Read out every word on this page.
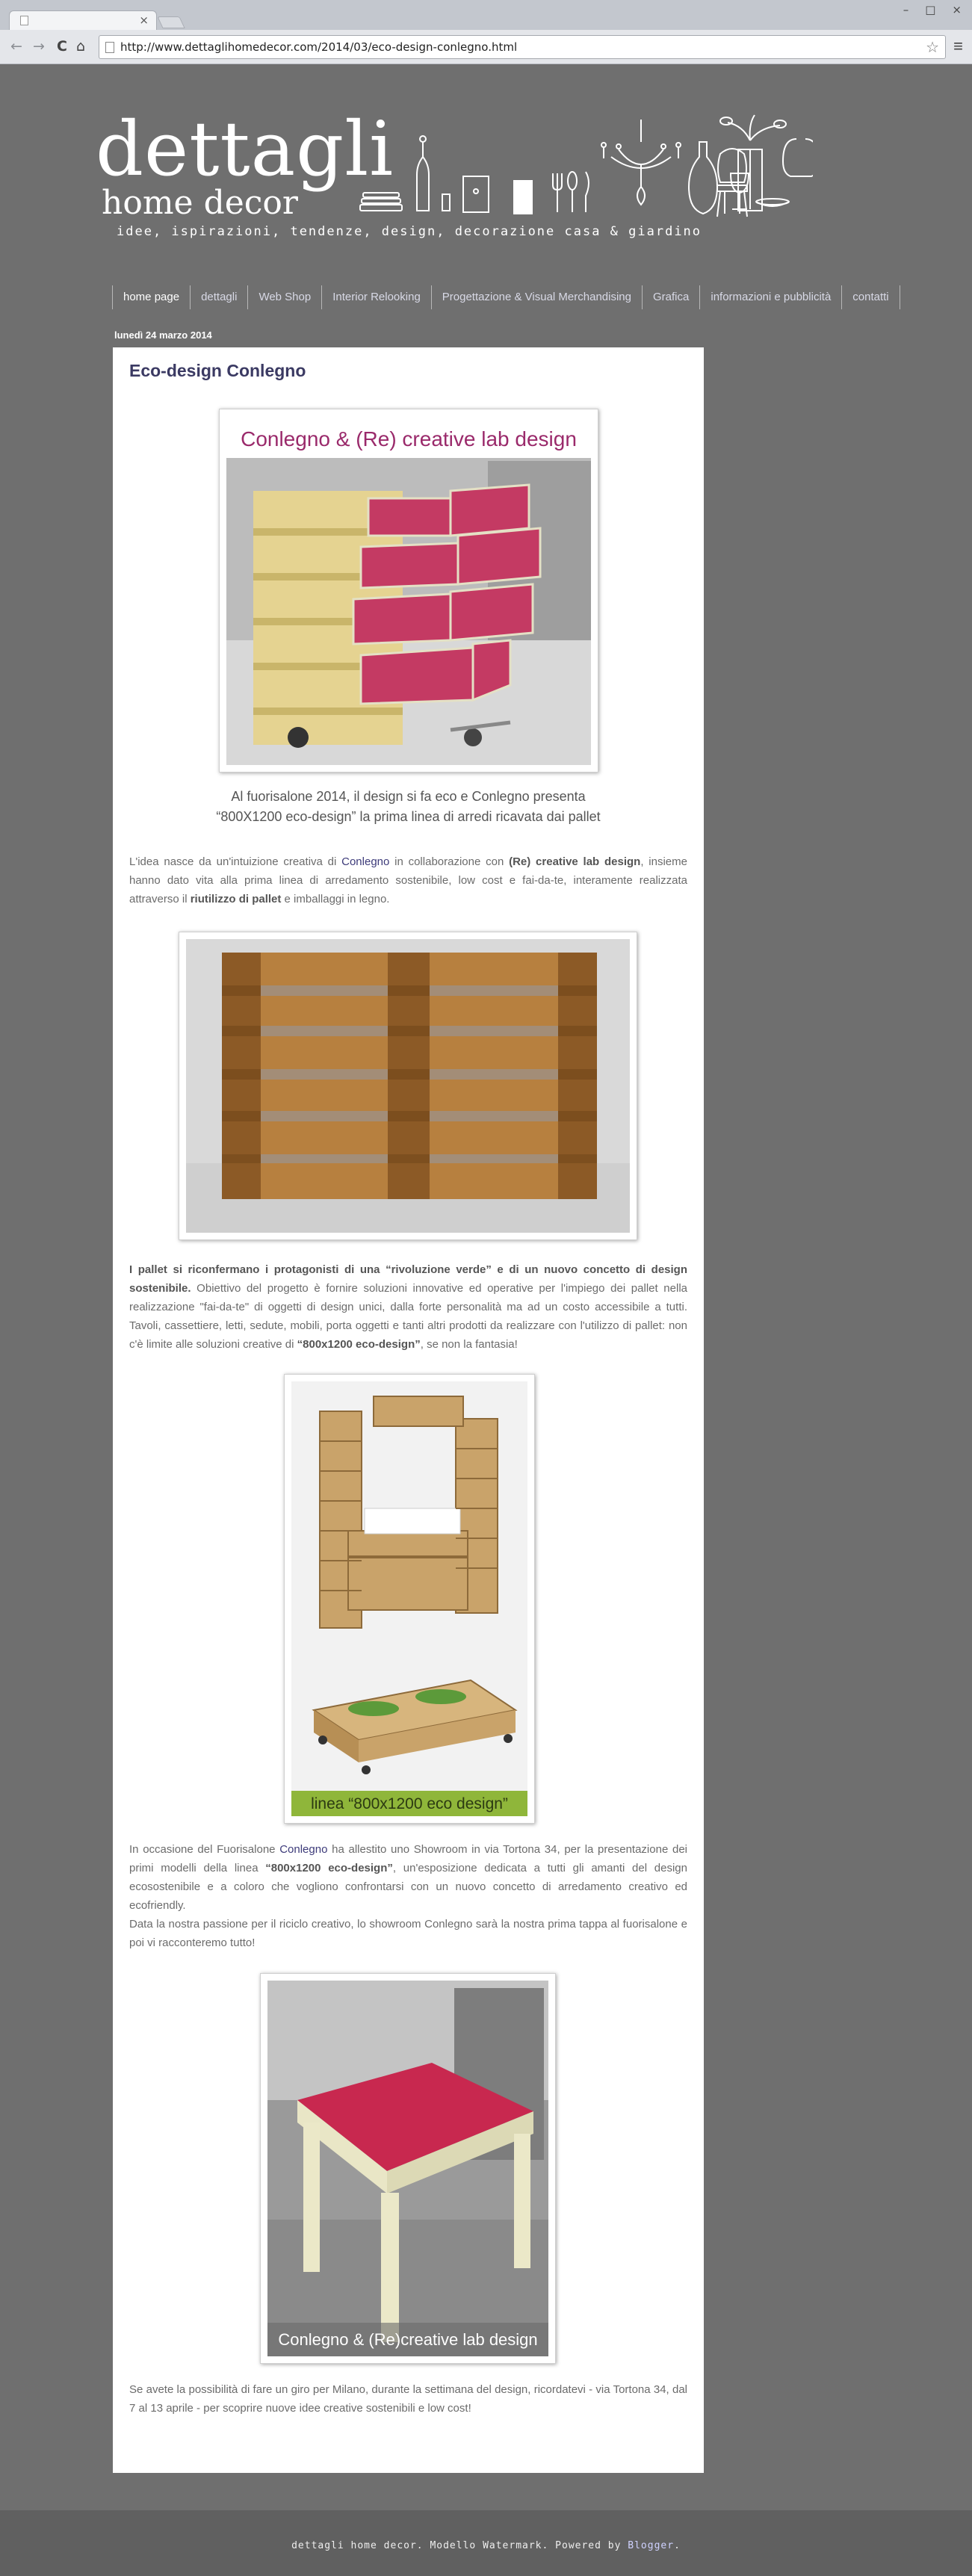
×
– □ ×
← → C ⌂	http://www.dettaglihomedecor.com/2014/03/eco-design-conlegno.html	☆ ≡
dettagli
home decor
idee, ispirazioni, tendenze, design, decorazione casa & giardino
home page	dettagli	Web Shop	Interior Relooking	Progettazione & Visual Merchandising	Grafica	informazioni e pubblicità	contatti
lunedì 24 marzo 2014
Eco-design Conlegno
Conlegno & (Re) creative lab design

Al fuorisalone 2014, il design si fa eco e Conlegno presenta

“800X1200 eco-design” la prima linea di arredi ricavata dai pallet

L'idea nasce da un'intuizione creativa di Conlegno in collaborazione con (Re) creative lab design, insieme hanno dato vita alla prima linea di arredamento sostenibile, low cost e fai-da-te, interamente realizzata attraverso il riutilizzo di pallet e imballaggi in legno.

I pallet si riconfermano i protagonisti di una “rivoluzione verde” e di un nuovo concetto di design sostenibile. Obiettivo del progetto è fornire soluzioni innovative ed operative per l'impiego dei pallet nella realizzazione "fai-da-te" di oggetti di design unici, dalla forte personalità ma ad un costo accessibile a tutti. Tavoli, cassettiere, letti, sedute, mobili, porta oggetti e tanti altri prodotti da realizzare con l'utilizzo di pallet: non c'è limite alle soluzioni creative di “800x1200 eco-design”, se non la fantasia!

linea “800x1200 eco design”

In occasione del Fuorisalone Conlegno ha allestito uno Showroom in via Tortona 34, per la presentazione dei primi modelli della linea “800x1200 eco-design”, un'esposizione dedicata a tutti gli amanti del design ecosostenibile e a coloro che vogliono confrontarsi con un nuovo concetto di arredamento creativo ed ecofriendly.
Data la nostra passione per il riciclo creativo, lo showroom Conlegno sarà la nostra prima tappa al fuorisalone e poi vi racconteremo tutto!

Conlegno & (Re)creative lab design

Se avete la possibilità di fare un giro per Milano, durante la settimana del design, ricordatevi - via Tortona 34, dal 7 al 13 aprile - per scoprire nuove idee creative sostenibili e low cost!

dettagli home decor. Modello Watermark. Powered by Blogger.
